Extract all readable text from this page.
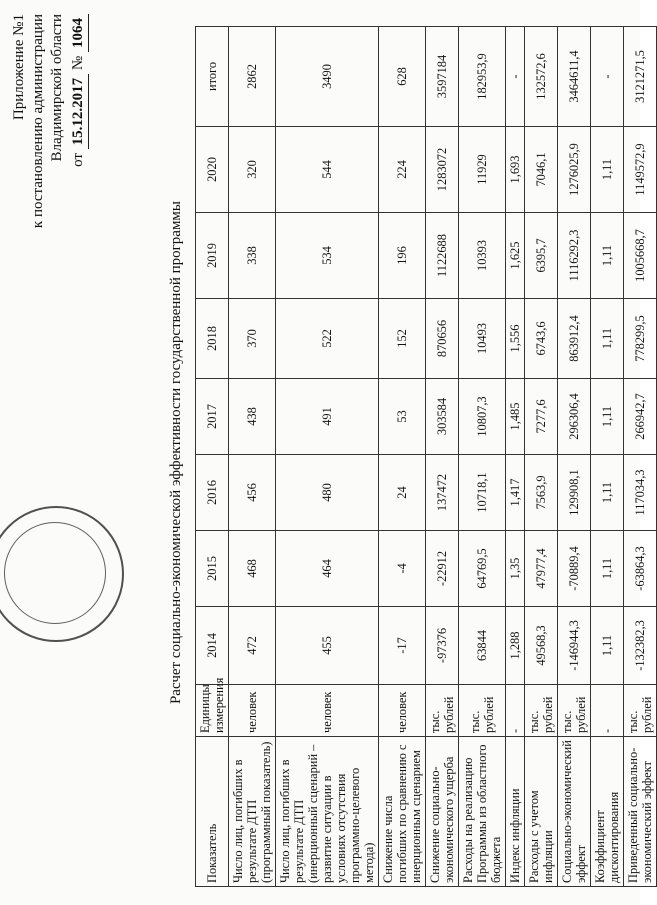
Приложение №1 к постановлению администрации Владимирской области от 15.12.2017 № 1064
Расчет социально-экономической эффективности государственной программы
Показатель	Единицы измерения	2014	2015	2016	2017	2018	2019	2020	итого
Число лиц, погибших в результате ДТП (программный показатель)	человек	472	468	456	438	370	338	320	2862
Число лиц, погибших в результате ДТП (инерционный сценарий – развитие ситуации в условиях отсутствия программно-целевого метода)	человек	455	464	480	491	522	534	544	3490
Снижение числа погибших по сравнению с инерционным сценарием	человек	-17	-4	24	53	152	196	224	628
Снижение социально-экономического ущерба	тыс. рублей	-97376	-22912	137472	303584	870656	1122688	1283072	3597184
Расходы на реализацию Программы из областного бюджета	тыс. рублей	63844	64769,5	10718,1	10807,3	10493	10393	11929	182953,9
Индекс инфляции	-	1,288	1,35	1,417	1,485	1,556	1,625	1,693	-
Расходы с учетом инфляции	тыс. рублей	49568,3	47977,4	7563,9	7277,6	6743,6	6395,7	7046,1	132572,6
Социально-экономический эффект	тыс. рублей	-146944,3	-70889,4	129908,1	296306,4	863912,4	1116292,3	1276025,9	3464611,4
Коэффициент дисконтирования	-	1,11	1,11	1,11	1,11	1,11	1,11	1,11	-
Приведенный социально-экономический эффект	тыс. рублей	-132382,3	-63864,3	117034,3	266942,7	778299,5	1005668,7	1149572,9	3121271,5
